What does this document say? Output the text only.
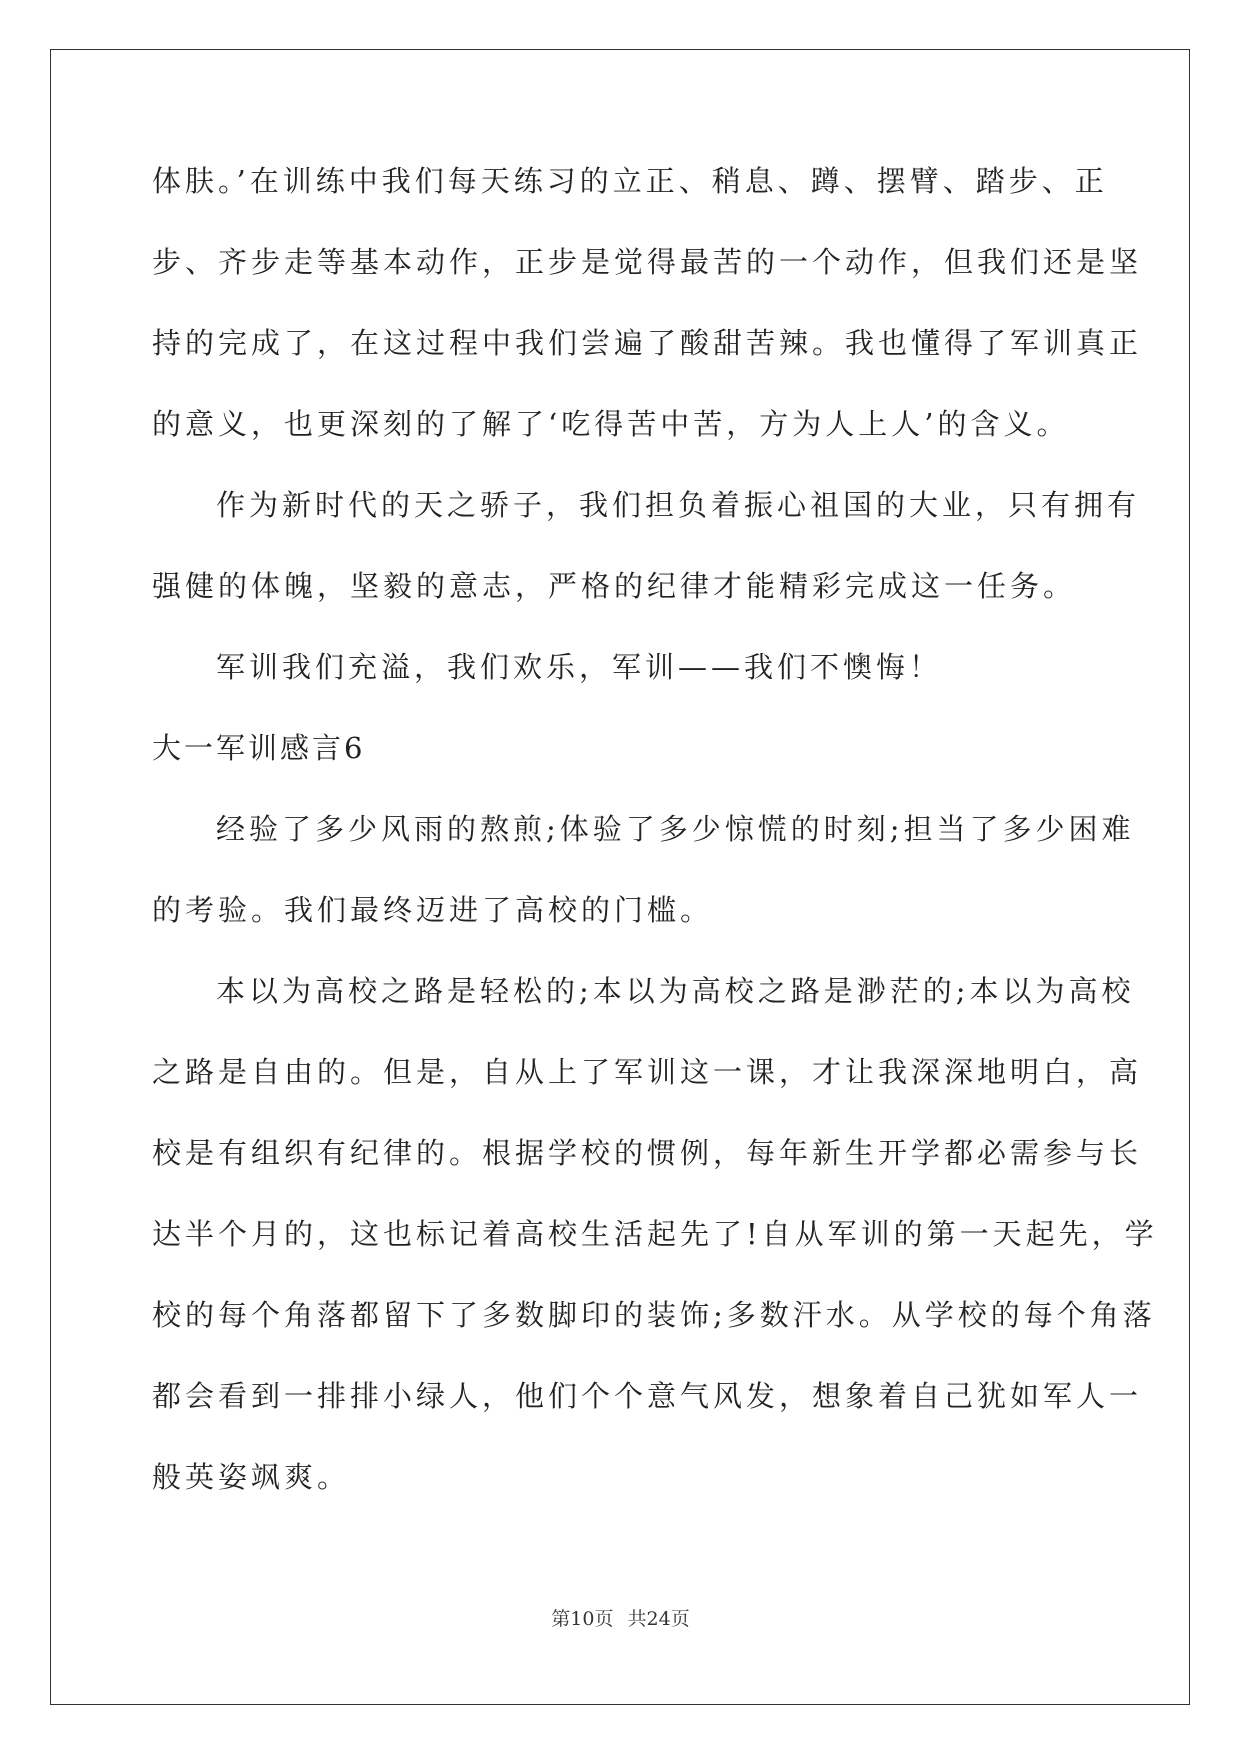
体肤。’在训练中我们每天练习的立正、稍息、蹲、摆臂、踏步、正
步、齐步走等基本动作，正步是觉得最苦的一个动作，但我们还是坚
持的完成了，在这过程中我们尝遍了酸甜苦辣。我也懂得了军训真正
的意义，也更深刻的了解了‘吃得苦中苦，方为人上人’的含义。
作为新时代的天之骄子，我们担负着振心祖国的大业，只有拥有
强健的体魄，坚毅的意志，严格的纪律才能精彩完成这一任务。
军训我们充溢，我们欢乐，军训——我们不懊悔！
大一军训感言6
经验了多少风雨的熬煎;体验了多少惊慌的时刻;担当了多少困难
的考验。我们最终迈进了高校的门槛。
本以为高校之路是轻松的;本以为高校之路是渺茫的;本以为高校
之路是自由的。但是，自从上了军训这一课，才让我深深地明白，高
校是有组织有纪律的。根据学校的惯例，每年新生开学都必需参与长
达半个月的，这也标记着高校生活起先了!自从军训的第一天起先，学
校的每个角落都留下了多数脚印的装饰;多数汗水。从学校的每个角落
都会看到一排排小绿人，他们个个意气风发，想象着自己犹如军人一
般英姿飒爽。
第10页 共24页
